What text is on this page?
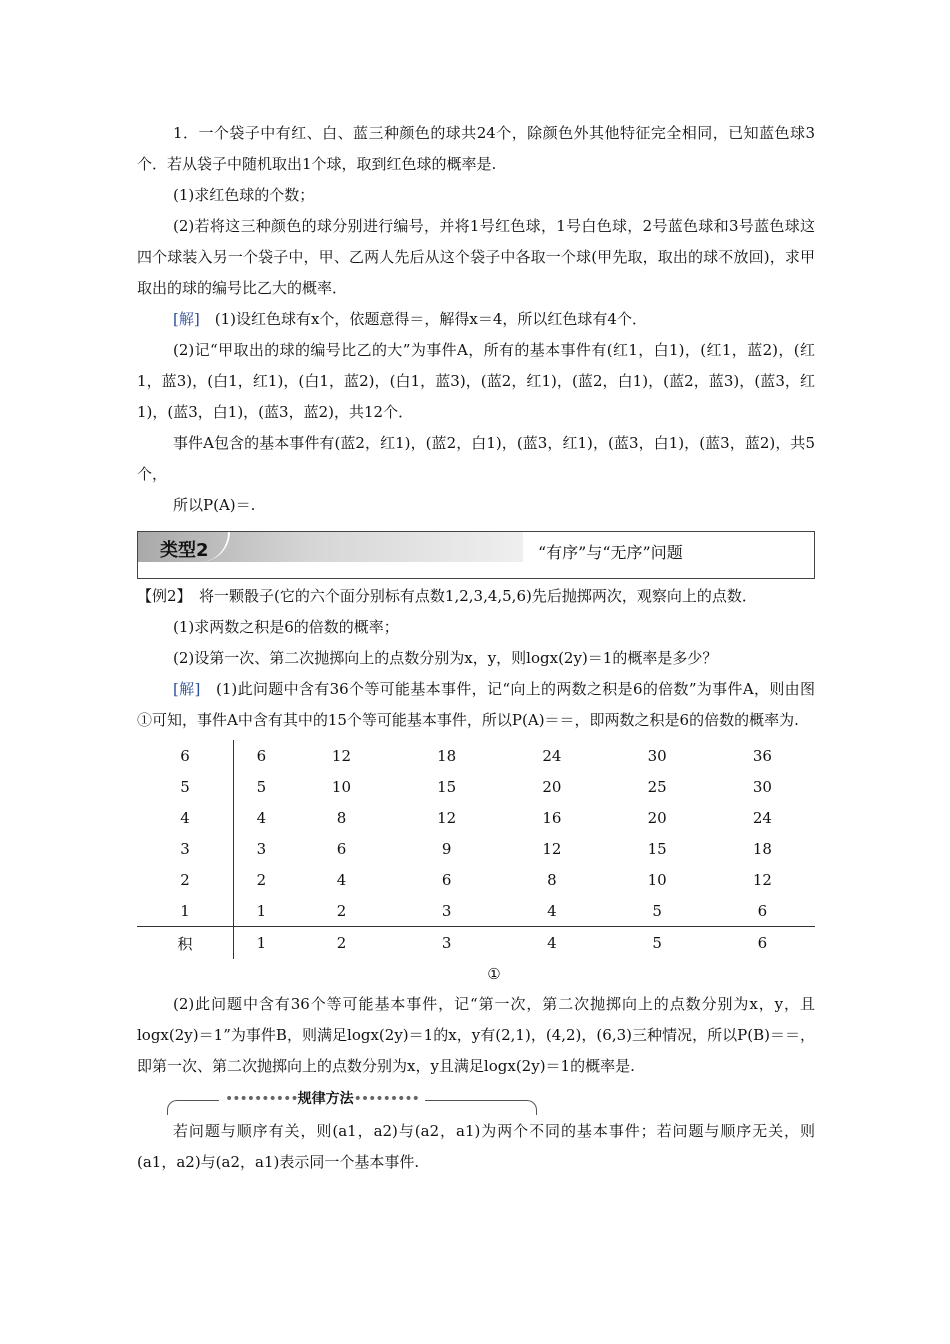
1．一个袋子中有红、白、蓝三种颜色的球共24个，除颜色外其他特征完全相同，已知蓝色球3个．若从袋子中随机取出1个球，取到红色球的概率是.

(1)求红色球的个数；

(2)若将这三种颜色的球分别进行编号，并将1号红色球，1号白色球，2号蓝色球和3号蓝色球这四个球装入另一个袋子中，甲、乙两人先后从这个袋子中各取一个球(甲先取，取出的球不放回)，求甲取出的球的编号比乙大的概率．

[解]　(1)设红色球有x个，依题意得＝，解得x＝4，所以红色球有4个．

(2)记“甲取出的球的编号比乙的大”为事件A，所有的基本事件有(红1，白1)，(红1，蓝2)，(红1，蓝3)，(白1，红1)，(白1，蓝2)，(白1，蓝3)，(蓝2，红1)，(蓝2，白1)，(蓝2，蓝3)，(蓝3，红1)，(蓝3，白1)，(蓝3，蓝2)，共12个．

事件A包含的基本事件有(蓝2，红1)，(蓝2，白1)，(蓝3，红1)，(蓝3，白1)，(蓝3，蓝2)，共5个，

所以P(A)＝.

类型2	“有序”与“无序”问题

【例2】　将一颗骰子(它的六个面分别标有点数1,2,3,4,5,6)先后抛掷两次，观察向上的点数．

(1)求两数之积是6的倍数的概率；

(2)设第一次、第二次抛掷向上的点数分别为x，y，则logx(2y)＝1的概率是多少？

[解]　(1)此问题中含有36个等可能基本事件，记“向上的两数之积是6的倍数”为事件A，则由图①可知，事件A中含有其中的15个等可能基本事件，所以P(A)＝＝，即两数之积是6的倍数的概率为.

6	6	12	18	24	30	36
5	5	10	15	20	25	30
4	4	8	12	16	20	24
3	3	6	9	12	15	18
2	2	4	6	8	10	12
1	1	2	3	4	5	6
积	1	2	3	4	5	6
①

(2)此问题中含有36个等可能基本事件，记“第一次，第二次抛掷向上的点数分别为x，y，且logx(2y)＝1”为事件B，则满足logx(2y)＝1的x，y有(2,1)，(4,2)，(6,3)三种情况，所以P(B)＝＝，即第一次、第二次抛掷向上的点数分别为x，y且满足logx(2y)＝1的概率是.

••••••••••规律方法•••••••••

若问题与顺序有关，则(a1，a2)与(a2，a1)为两个不同的基本事件；若问题与顺序无关，则(a1，a2)与(a2，a1)表示同一个基本事件.
